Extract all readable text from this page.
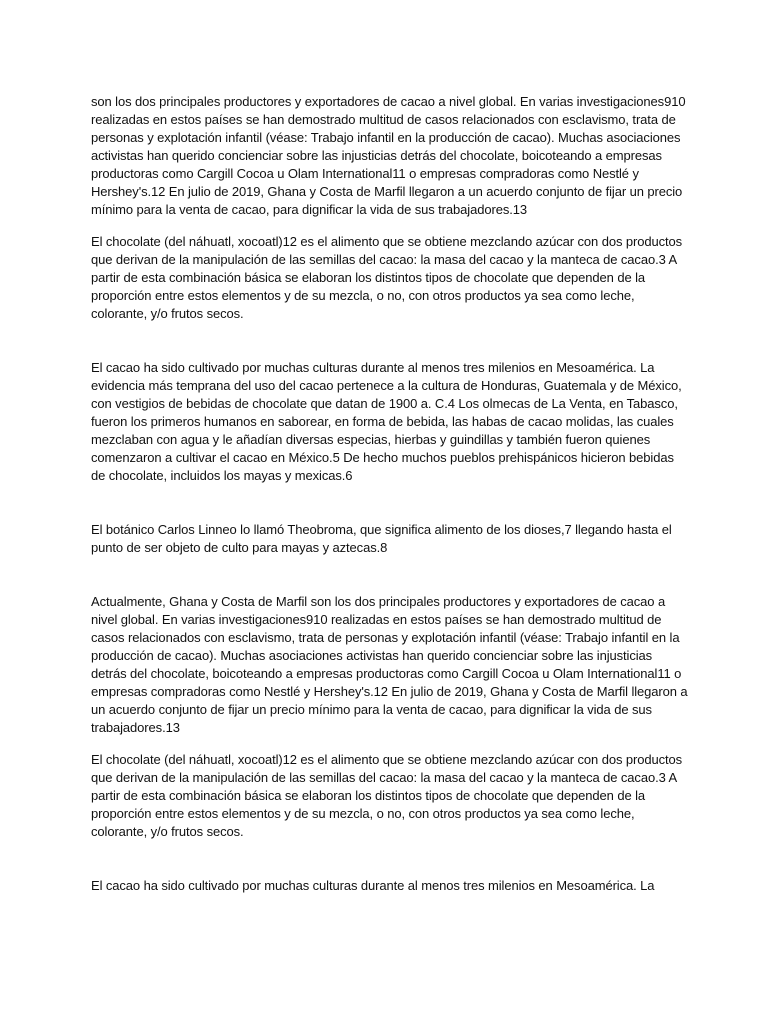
son los dos principales productores y exportadores de cacao a nivel global. En varias investigaciones910 realizadas en estos países se han demostrado multitud de casos relacionados con esclavismo, trata de personas y explotación infantil (véase: Trabajo infantil en la producción de cacao). Muchas asociaciones activistas han querido concienciar sobre las injusticias detrás del chocolate, boicoteando a empresas productoras como Cargill Cocoa u Olam International11 o empresas compradoras como Nestlé y Hershey's.12 En julio de 2019, Ghana y Costa de Marfil llegaron a un acuerdo conjunto de fijar un precio mínimo para la venta de cacao, para dignificar la vida de sus trabajadores.13

El chocolate (del náhuatl, xocoatl)12 es el alimento que se obtiene mezclando azúcar con dos productos que derivan de la manipulación de las semillas del cacao: la masa del cacao y la manteca de cacao.3 A partir de esta combinación básica se elaboran los distintos tipos de chocolate que dependen de la proporción entre estos elementos y de su mezcla, o no, con otros productos ya sea como leche, colorante, y/o frutos secos.

El cacao ha sido cultivado por muchas culturas durante al menos tres milenios en Mesoamérica. La evidencia más temprana del uso del cacao pertenece a la cultura de Honduras, Guatemala y de México, con vestigios de bebidas de chocolate que datan de 1900 a. C.4 Los olmecas de La Venta, en Tabasco, fueron los primeros humanos en saborear, en forma de bebida, las habas de cacao molidas, las cuales mezclaban con agua y le añadían diversas especias, hierbas y guindillas y también fueron quienes comenzaron a cultivar el cacao en México.5 De hecho muchos pueblos prehispánicos hicieron bebidas de chocolate, incluidos los mayas y mexicas.6

El botánico Carlos Linneo lo llamó Theobroma, que significa alimento de los dioses,7 llegando hasta el punto de ser objeto de culto para mayas y aztecas.8

Actualmente, Ghana y Costa de Marfil son los dos principales productores y exportadores de cacao a nivel global. En varias investigaciones910 realizadas en estos países se han demostrado multitud de casos relacionados con esclavismo, trata de personas y explotación infantil (véase: Trabajo infantil en la producción de cacao). Muchas asociaciones activistas han querido concienciar sobre las injusticias detrás del chocolate, boicoteando a empresas productoras como Cargill Cocoa u Olam International11 o empresas compradoras como Nestlé y Hershey's.12 En julio de 2019, Ghana y Costa de Marfil llegaron a un acuerdo conjunto de fijar un precio mínimo para la venta de cacao, para dignificar la vida de sus trabajadores.13

El chocolate (del náhuatl, xocoatl)12 es el alimento que se obtiene mezclando azúcar con dos productos que derivan de la manipulación de las semillas del cacao: la masa del cacao y la manteca de cacao.3 A partir de esta combinación básica se elaboran los distintos tipos de chocolate que dependen de la proporción entre estos elementos y de su mezcla, o no, con otros productos ya sea como leche, colorante, y/o frutos secos.

El cacao ha sido cultivado por muchas culturas durante al menos tres milenios en Mesoamérica. La
